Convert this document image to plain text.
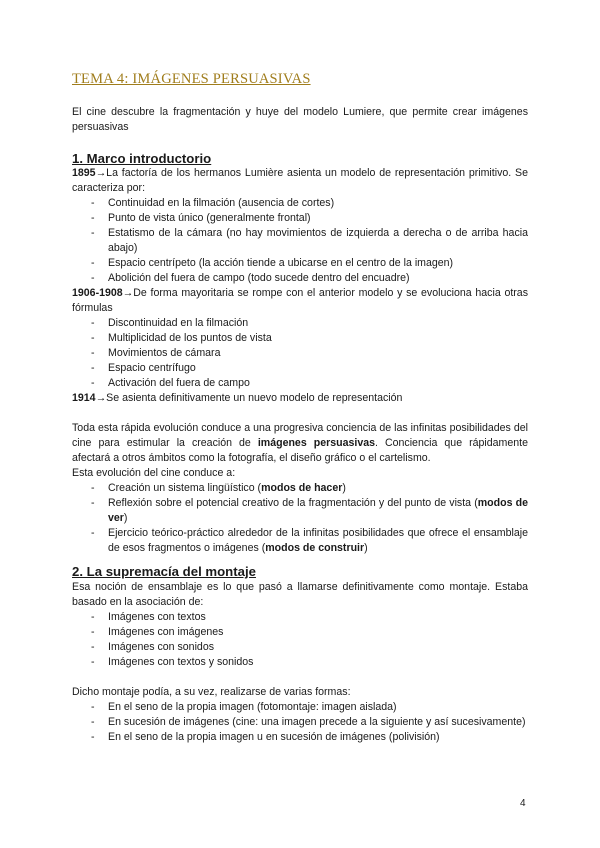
TEMA 4: IMÁGENES PERSUASIVAS

El cine descubre la fragmentación y huye del modelo Lumiere, que permite crear imágenes persuasivas

1. Marco introductorio

1895→La factoría de los hermanos Lumière asienta un modelo de representación primitivo. Se caracteriza por:

- Continuidad en la filmación (ausencia de cortes)
- Punto de vista único (generalmente frontal)
- Estatismo de la cámara (no hay movimientos de izquierda a derecha o de arriba hacia abajo)
- Espacio centrípeto (la acción tiende a ubicarse en el centro de la imagen)
- Abolición del fuera de campo (todo sucede dentro del encuadre)

1906-1908→De forma mayoritaria se rompe con el anterior modelo y se evoluciona hacia otras fórmulas

- Discontinuidad en la filmación
- Multiplicidad de los puntos de vista
- Movimientos de cámara
- Espacio centrífugo
- Activación del fuera de campo

1914→Se asienta definitivamente un nuevo modelo de representación

Toda esta rápida evolución conduce a una progresiva conciencia de las infinitas posibilidades del cine para estimular la creación de imágenes persuasivas. Conciencia que rápidamente afectará a otros ámbitos como la fotografía, el diseño gráfico o el cartelismo.

Esta evolución del cine conduce a:

- Creación un sistema lingüístico (modos de hacer)
- Reflexión sobre el potencial creativo de la fragmentación y del punto de vista (modos de ver)
- Ejercicio teórico-práctico alrededor de la infinitas posibilidades que ofrece el ensamblaje de esos fragmentos o imágenes (modos de construir)
2. La supremacía del montaje

Esa noción de ensamblaje es lo que pasó a llamarse definitivamente como montaje. Estaba basado en la asociación de:

- Imágenes con textos
- Imágenes con imágenes
- Imágenes con sonidos
- Imágenes con textos y sonidos

Dicho montaje podía, a su vez, realizarse de varias formas:

- En el seno de la propia imagen (fotomontaje: imagen aislada)
- En sucesión de imágenes (cine: una imagen precede a la siguiente y así sucesivamente)
- En el seno de la propia imagen u en sucesión de imágenes (polivisión)
4
